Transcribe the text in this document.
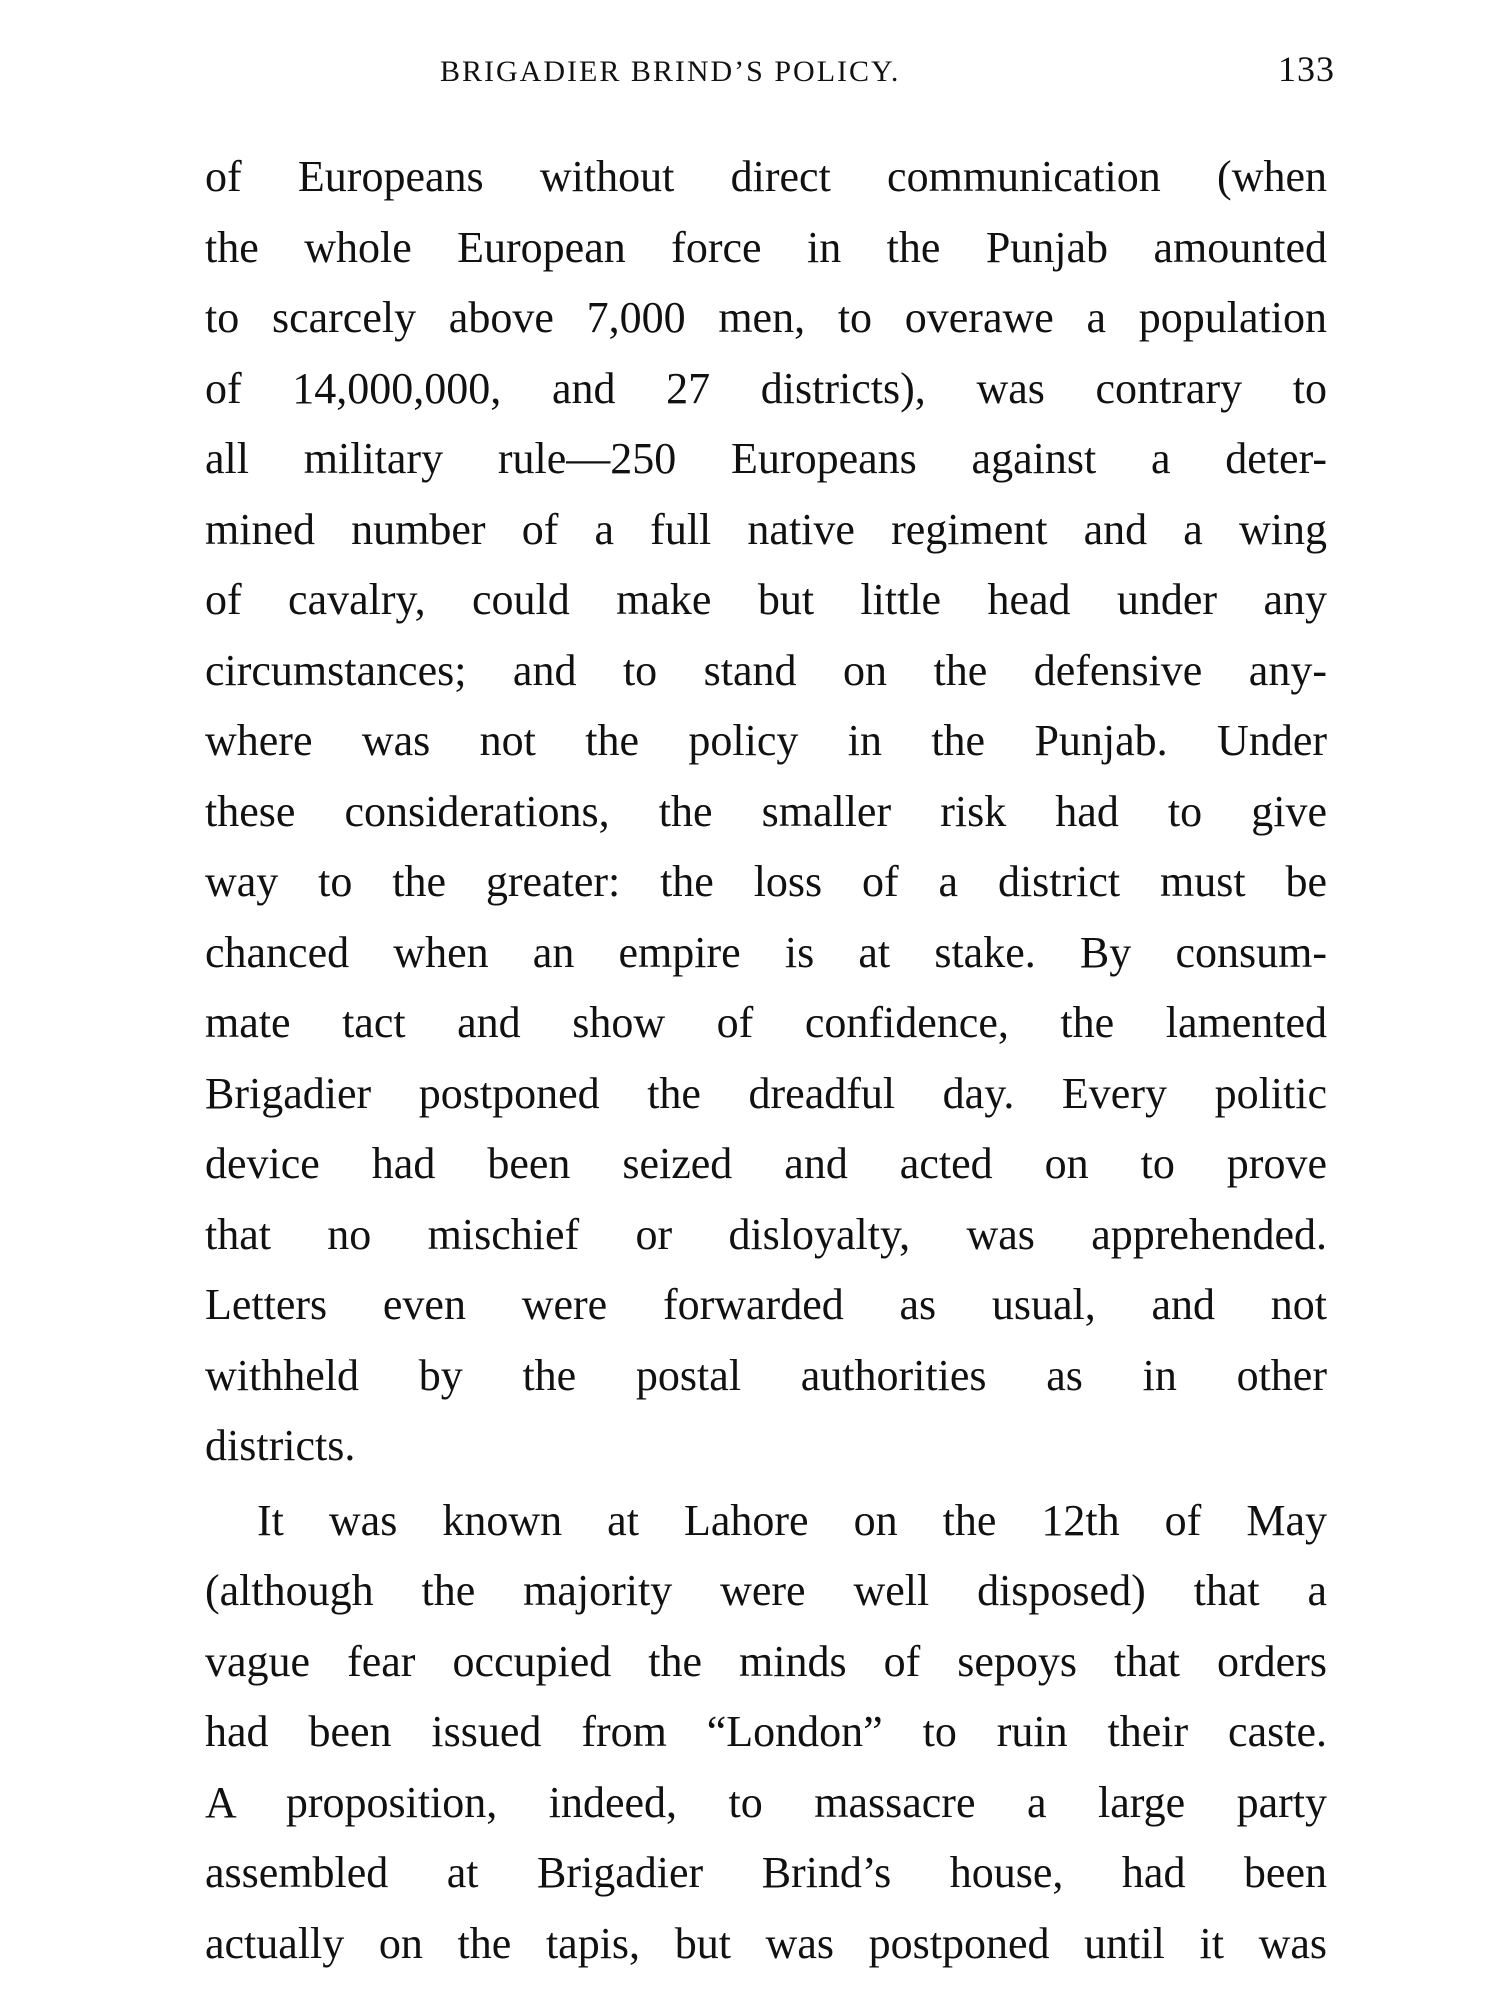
BRIGADIER BRIND’S POLICY.	133
of Europeans without direct communication (when
the whole European force in the Punjab amounted
to scarcely above 7,000 men, to overawe a population
of 14,000,000, and 27 districts), was contrary to
all military rule—250 Europeans against a deter-
mined number of a full native regiment and a wing
of cavalry, could make but little head under any
circumstances; and to stand on the defensive any-
where was not the policy in the Punjab. Under
these considerations, the smaller risk had to give
way to the greater: the loss of a district must be
chanced when an empire is at stake. By consum-
mate tact and show of confidence, the lamented
Brigadier postponed the dreadful day. Every politic
device had been seized and acted on to prove
that no mischief or disloyalty, was apprehended.
Letters even were forwarded as usual, and not
withheld by the postal authorities as in other
districts.
It was known at Lahore on the 12th of May
(although the majority were well disposed) that a
vague fear occupied the minds of sepoys that orders
had been issued from “London” to ruin their caste.
A proposition, indeed, to massacre a large party
assembled at Brigadier Brind’s house, had been
actually on the tapis, but was postponed until it was
